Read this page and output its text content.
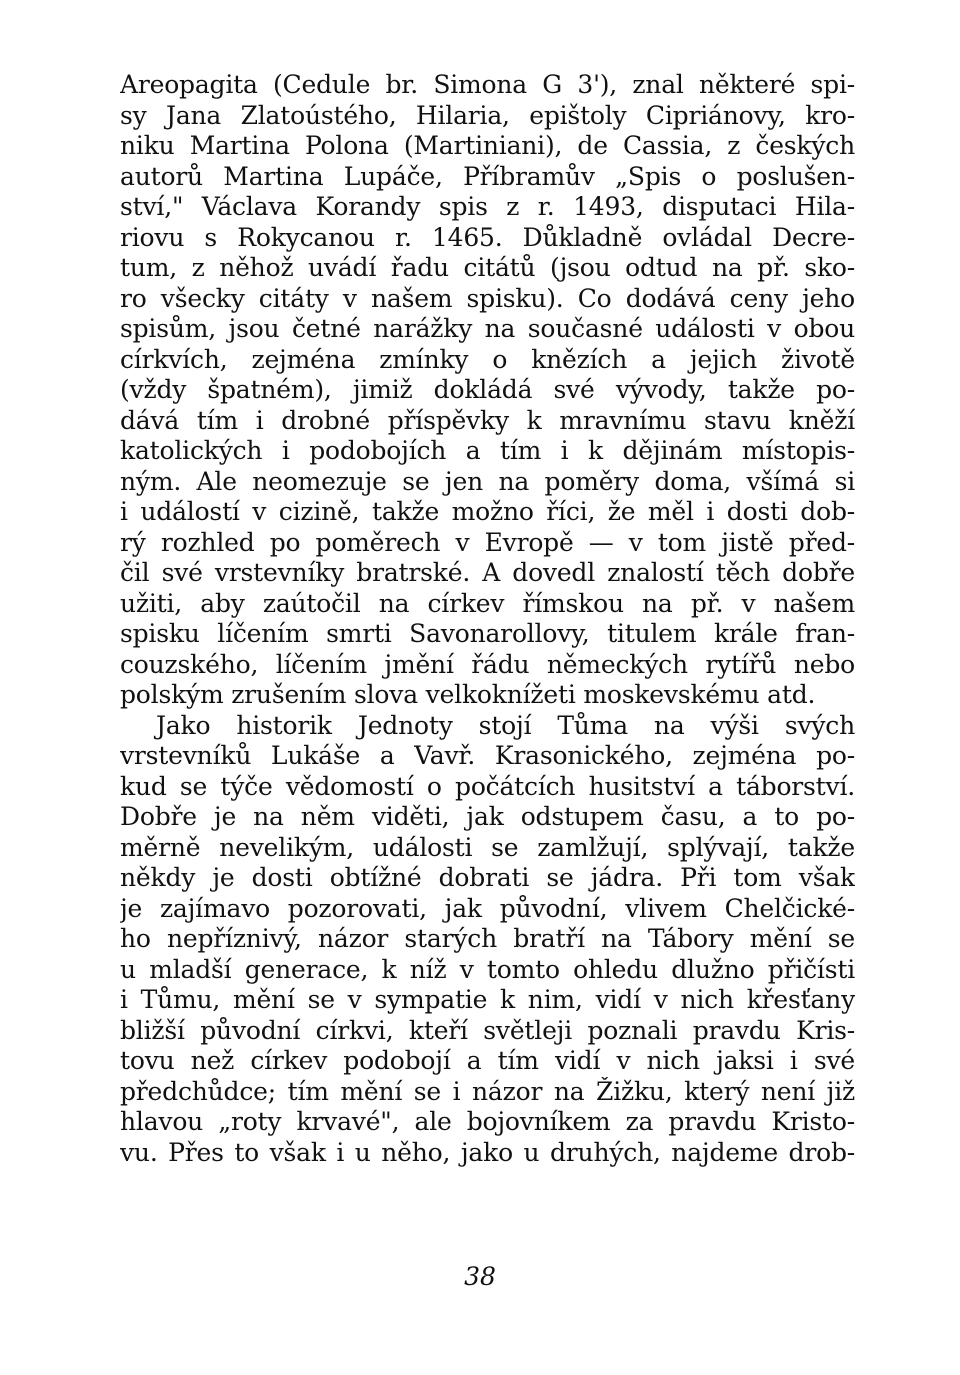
Areopagita (Cedule br. Simona G 3'), znal některé spi-
sy Jana Zlatoústého, Hilaria, epištoly Cipriánovy, kro-
niku Martina Polona (Martiniani), de Cassia, z českých
autorů Martina Lupáče, Příbramův „Spis o poslušen-
ství," Václava Korandy spis z r. 1493, disputaci Hila-
riovu s Rokycanou r. 1465. Důkladně ovládal Decre-
tum, z něhož uvádí řadu citátů (jsou odtud na př. sko-
ro všecky citáty v našem spisku). Co dodává ceny jeho
spisům, jsou četné narážky na současné události v obou
církvích, zejména zmínky o knězích a jejich životě
(vždy špatném), jimiž dokládá své vývody, takže po-
dává tím i drobné příspěvky k mravnímu stavu kněží
katolických i podobojích a tím i k dějinám místopis-
ným. Ale neomezuje se jen na poměry doma, všímá si
i událostí v cizině, takže možno říci, že měl i dosti dob-
rý rozhled po poměrech v Evropě — v tom jistě před-
čil své vrstevníky bratrské. A dovedl znalostí těch dobře
užiti, aby zaútočil na církev římskou na př. v našem
spisku líčením smrti Savonarollovy, titulem krále fran-
couzského, líčením jmění řádu německých rytířů nebo
polským zrušením slova velkoknížeti moskevskému atd.
Jako historik Jednoty stojí Tůma na výši svých
vrstevníků Lukáše a Vavř. Krasonického, zejména po-
kud se týče vědomostí o počátcích husitství a táborství.
Dobře je na něm viděti, jak odstupem času, a to po-
měrně nevelikým, události se zamlžují, splývají, takže
někdy je dosti obtížné dobrati se jádra. Při tom však
je zajímavo pozorovati, jak původní, vlivem Chelčické-
ho nepříznivý, názor starých bratří na Tábory mění se
u mladší generace, k níž v tomto ohledu dlužno přičísti
i Tůmu, mění se v sympatie k nim, vidí v nich křesťany
bližší původní církvi, kteří světleji poznali pravdu Kris-
tovu než církev podobojí a tím vidí v nich jaksi i své
předchůdce; tím mění se i názor na Žižku, který není již
hlavou „roty krvavé", ale bojovníkem za pravdu Kristo-
vu. Přes to však i u něho, jako u druhých, najdeme drob-
38
